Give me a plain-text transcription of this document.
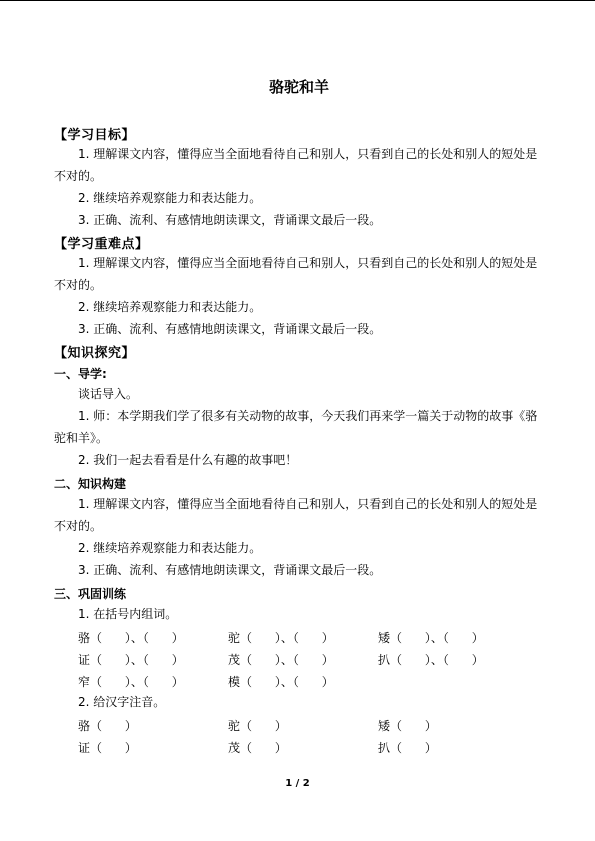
骆驼和羊
【学习目标】
1. 理解课文内容，懂得应当全面地看待自己和别人，只看到自己的长处和别人的短处是
不对的。
2. 继续培养观察能力和表达能力。
3. 正确、流利、有感情地朗读课文，背诵课文最后一段。
【学习重难点】
1. 理解课文内容，懂得应当全面地看待自己和别人，只看到自己的长处和别人的短处是
不对的。
2. 继续培养观察能力和表达能力。
3. 正确、流利、有感情地朗读课文，背诵课文最后一段。
【知识探究】
一、导学:
谈话导入。
1. 师：本学期我们学了很多有关动物的故事，今天我们再来学一篇关于动物的故事《骆
驼和羊》。
2. 我们一起去看看是什么有趣的故事吧！
二、知识构建
1. 理解课文内容，懂得应当全面地看待自己和别人，只看到自己的长处和别人的短处是
不对的。
2. 继续培养观察能力和表达能力。
3. 正确、流利、有感情地朗读课文，背诵课文最后一段。
三、巩固训练
1. 在括号内组词。
骆（      ）、（      ）	驼（      ）、（      ）	矮（      ）、（      ）
证（      ）、（      ）	茂（      ）、（      ）	扒（      ）、（      ）
窄（      ）、（      ）	模（      ）、（      ）
2. 给汉字注音。
骆（      ）	驼（      ）	矮（      ）
证（      ）	茂（      ）	扒（      ）
1 / 2
